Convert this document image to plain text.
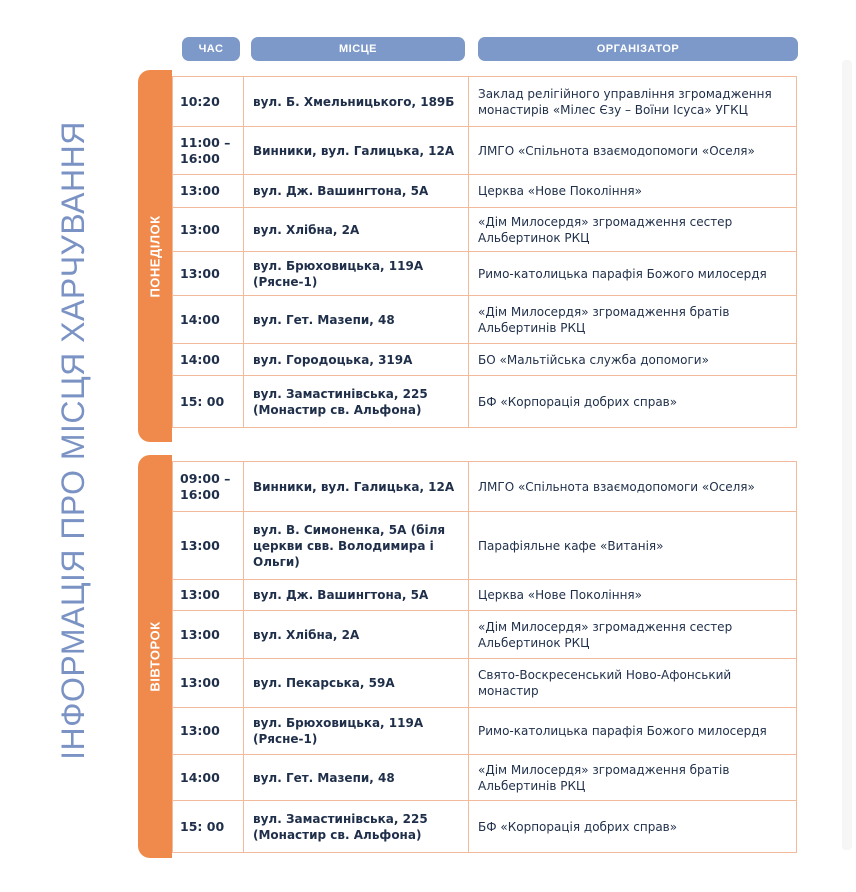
ІНФОРМАЦІЯ ПРО МІСЦЯ ХАРЧУВАННЯ
ЧАС	МІСЦЕ	ОРГАНІЗАТОР
ПОНЕДІЛОК
10:20	вул. Б. Хмельницького, 189Б	Заклад релігійного управління згромадження монастирів «Мілес Єзу – Воїни Ісуса» УГКЦ
11:00 – 16:00	Винники, вул. Галицька, 12А	ЛМГО «Спільнота взаємодопомоги «Оселя»
13:00	вул. Дж. Вашингтона, 5А	Церква «Нове Покоління»
13:00	вул. Хлібна, 2А	«Дім Милосердя» згромадження сестер Альбертинок РКЦ
13:00	вул. Брюховицька, 119А (Рясне-1)	Римо-католицька парафія Божого милосердя
14:00	вул. Гет. Мазепи, 48	«Дім Милосердя» згромадження братів Альбертинів РКЦ
14:00	вул. Городоцька, 319А	БО «Мальтійська служба допомоги»
15: 00	вул. Замастинівська, 225 (Монастир св. Альфона)	БФ «Корпорація добрих справ»
ВІВТОРОК
09:00 – 16:00	Винники, вул. Галицька, 12А	ЛМГО «Спільнота взаємодопомоги «Оселя»
13:00	вул. В. Симоненка, 5А (біля церкви свв. Володимира і Ольги)	Парафіяльне кафе «Витанія»
13:00	вул. Дж. Вашингтона, 5А	Церква «Нове Покоління»
13:00	вул. Хлібна, 2А	«Дім Милосердя» згромадження сестер Альбертинок РКЦ
13:00	вул. Пекарська, 59А	Свято-Воскресенський Ново-Афонський монастир
13:00	вул. Брюховицька, 119А (Рясне-1)	Римо-католицька парафія Божого милосердя
14:00	вул. Гет. Мазепи, 48	«Дім Милосердя» згромадження братів Альбертинів РКЦ
15: 00	вул. Замастинівська, 225 (Монастир св. Альфона)	БФ «Корпорація добрих справ»
